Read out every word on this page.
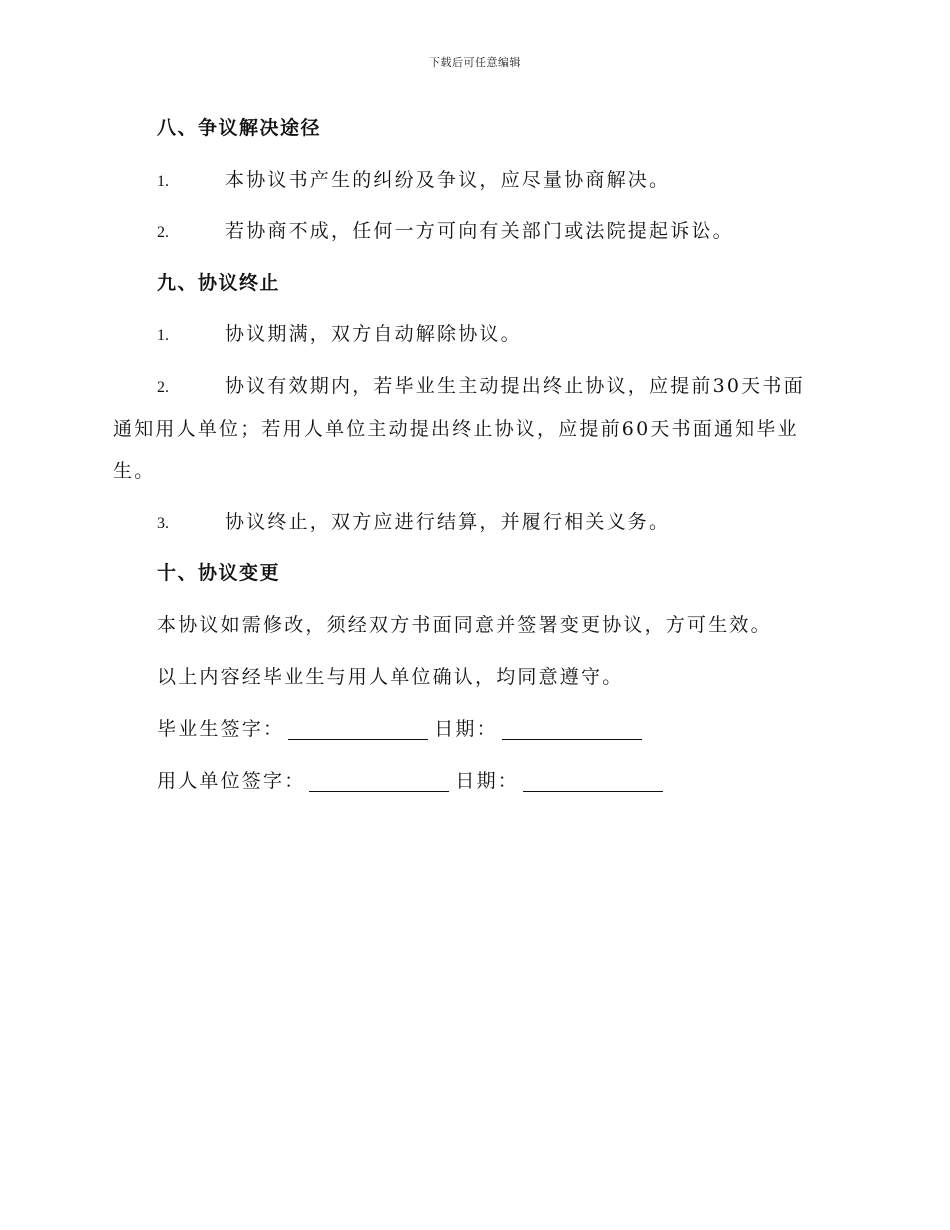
下载后可任意编辑
八、争议解决途径
1.	本协议书产生的纠纷及争议，应尽量协商解决。
2.	若协商不成，任何一方可向有关部门或法院提起诉讼。
九、协议终止
1.	协议期满，双方自动解除协议。
2.	协议有效期内，若毕业生主动提出终止协议，应提前30天书面
通知用人单位；若用人单位主动提出终止协议，应提前60天书面通知毕业
生。
3.	协议终止，双方应进行结算，并履行相关义务。
十、协议变更
本协议如需修改，须经双方书面同意并签署变更协议，方可生效。
以上内容经毕业生与用人单位确认，均同意遵守。
毕业生签字：	日期：
用人单位签字：	日期：
